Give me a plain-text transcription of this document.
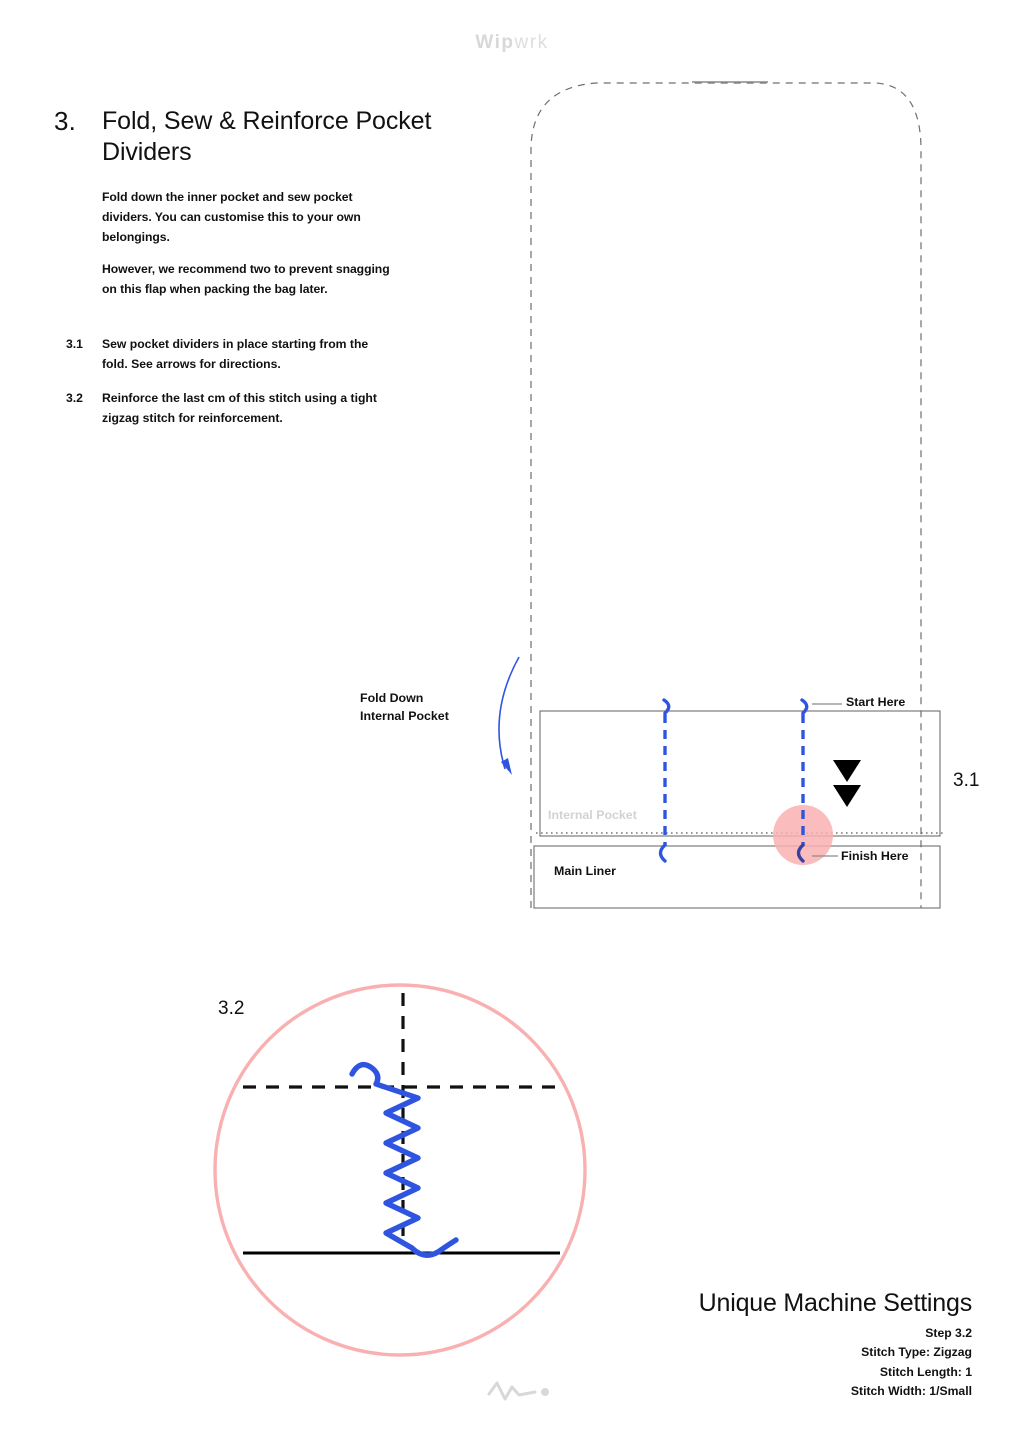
Wipwrk
3. Fold, Sew & Reinforce Pocket Dividers
Fold down the inner pocket and sew pocket dividers. You can customise this to your own belongings.
However, we recommend two to prevent snagging on this flap when packing the bag later.
3.1	Sew pocket dividers in place starting from the fold. See arrows for directions.
3.2	Reinforce the last cm of this stitch using a tight zigzag stitch for reinforcement.
Fold Down
Internal Pocket
Start Here
Finish Here
Internal Pocket
Main Liner
3.1
3.2
Unique Machine Settings
Step 3.2
Stitch Type: Zigzag
Stitch Length: 1
Stitch Width: 1/Small
